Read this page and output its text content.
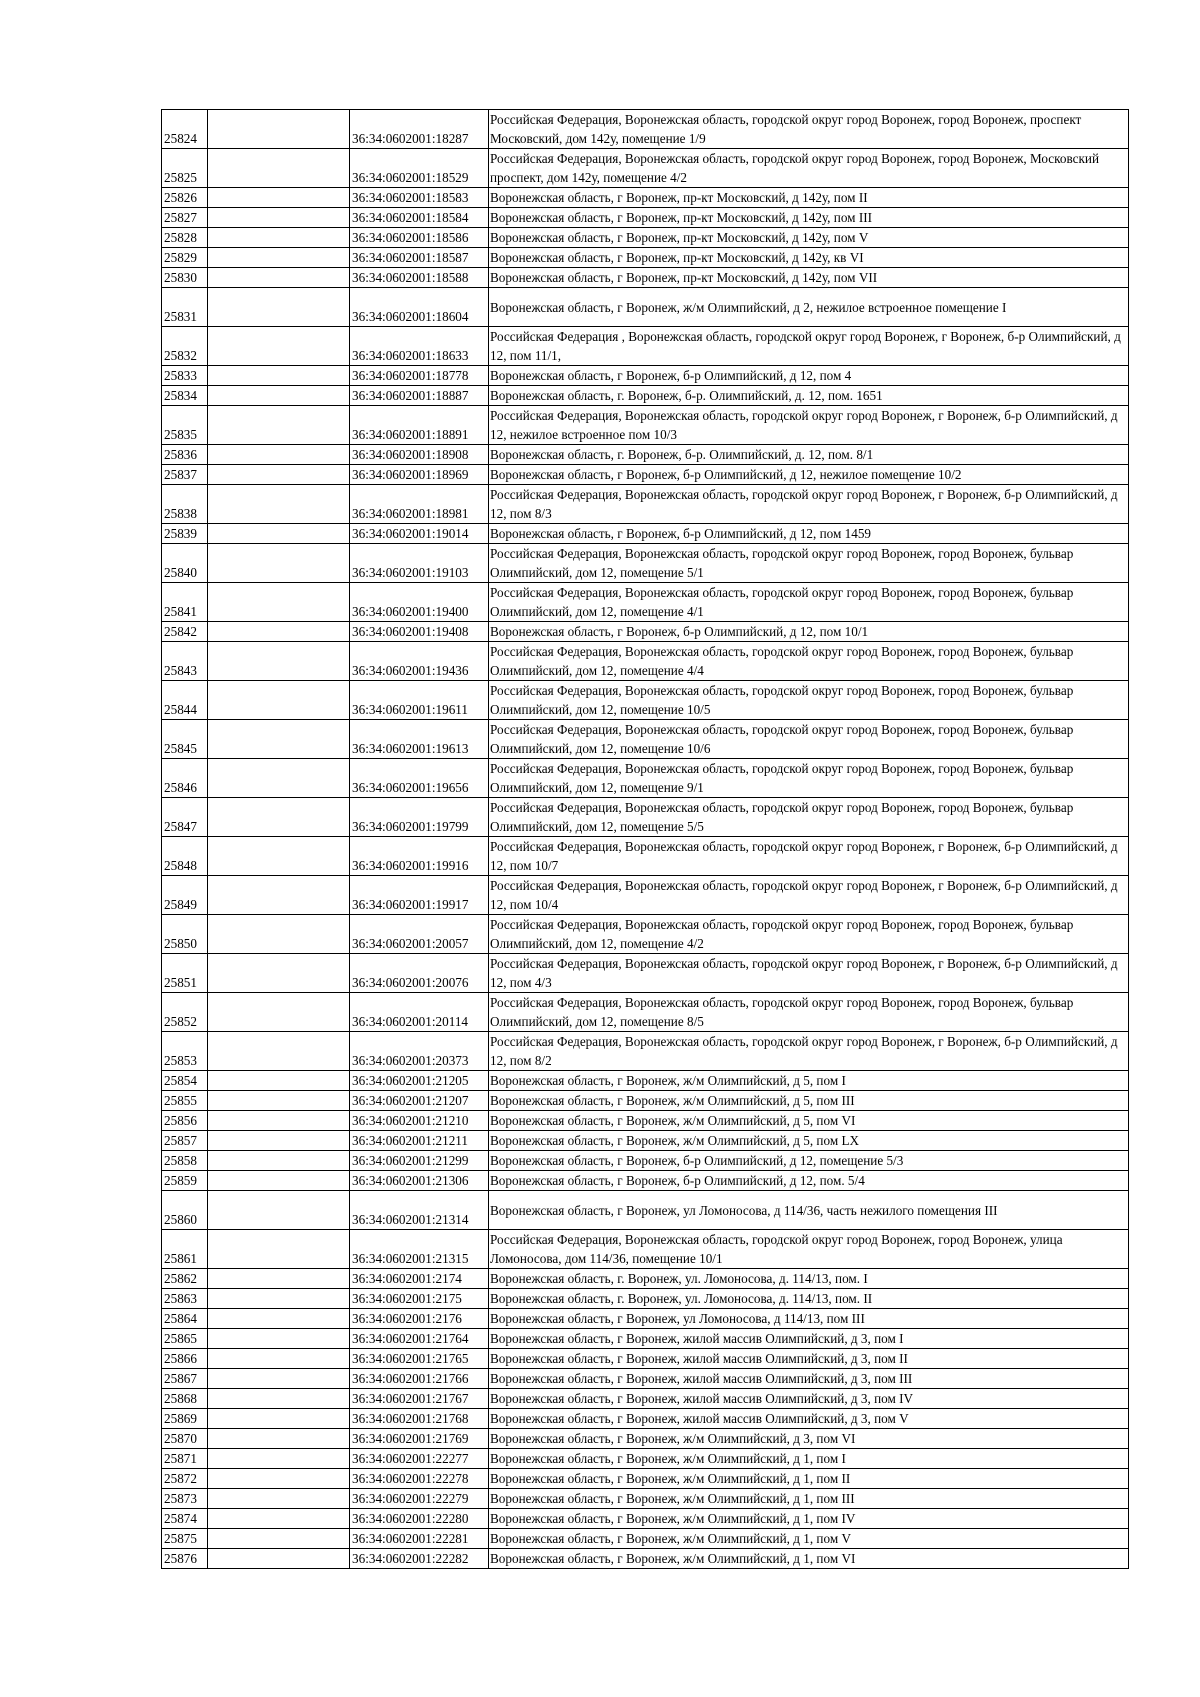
25824		36:34:0602001:18287	Российская Федерация, Воронежская область, городской округ город Воронеж, город Воронеж, проспект Московский, дом 142у, помещение 1/9
25825		36:34:0602001:18529	Российская Федерация, Воронежская область, городской округ город Воронеж, город Воронеж, Московский проспект, дом 142у, помещение 4/2
25826		36:34:0602001:18583	Воронежская область, г Воронеж, пр-кт Московский, д 142у, пом II
25827		36:34:0602001:18584	Воронежская область, г Воронеж, пр-кт Московский, д 142у, пом III
25828		36:34:0602001:18586	Воронежская область, г Воронеж, пр-кт Московский, д 142у, пом V
25829		36:34:0602001:18587	Воронежская область, г Воронеж, пр-кт Московский, д 142у, кв VI
25830		36:34:0602001:18588	Воронежская область, г Воронеж, пр-кт Московский, д 142у, пом VII
25831		36:34:0602001:18604	Воронежская область, г Воронеж, ж/м Олимпийский, д 2, нежилое встроенное помещение I
25832		36:34:0602001:18633	Российская Федерация , Воронежская область, городской округ город Воронеж, г Воронеж, б-р Олимпийский, д 12, пом 11/1,
25833		36:34:0602001:18778	Воронежская область, г Воронеж, б-р Олимпийский, д 12, пом 4
25834		36:34:0602001:18887	Воронежская область, г. Воронеж, б-р. Олимпийский, д. 12, пом. 1651
25835		36:34:0602001:18891	Российская Федерация, Воронежская область, городской округ город Воронеж, г Воронеж, б-р Олимпийский, д 12, нежилое встроенное пом 10/3
25836		36:34:0602001:18908	Воронежская область, г. Воронеж, б-р. Олимпийский, д. 12, пом. 8/1
25837		36:34:0602001:18969	Воронежская область, г Воронеж, б-р Олимпийский, д 12, нежилое помещение 10/2
25838		36:34:0602001:18981	Российская Федерация, Воронежская область, городской округ город Воронеж, г Воронеж, б-р Олимпийский, д 12, пом 8/3
25839		36:34:0602001:19014	Воронежская область, г Воронеж, б-р Олимпийский, д 12, пом 1459
25840		36:34:0602001:19103	Российская Федерация, Воронежская область, городской округ город Воронеж, город Воронеж, бульвар Олимпийский, дом 12, помещение 5/1
25841		36:34:0602001:19400	Российская Федерация, Воронежская область, городской округ город Воронеж, город Воронеж, бульвар Олимпийский, дом 12, помещение 4/1
25842		36:34:0602001:19408	Воронежская область, г Воронеж, б-р Олимпийский, д 12, пом 10/1
25843		36:34:0602001:19436	Российская Федерация, Воронежская область, городской округ город Воронеж, город Воронеж, бульвар Олимпийский, дом 12, помещение 4/4
25844		36:34:0602001:19611	Российская Федерация, Воронежская область, городской округ город Воронеж, город Воронеж, бульвар Олимпийский, дом 12, помещение 10/5
25845		36:34:0602001:19613	Российская Федерация, Воронежская область, городской округ город Воронеж, город Воронеж, бульвар Олимпийский, дом 12, помещение 10/6
25846		36:34:0602001:19656	Российская Федерация, Воронежская область, городской округ город Воронеж, город Воронеж, бульвар Олимпийский, дом 12, помещение 9/1
25847		36:34:0602001:19799	Российская Федерация, Воронежская область, городской округ город Воронеж, город Воронеж, бульвар Олимпийский, дом 12, помещение 5/5
25848		36:34:0602001:19916	Российская Федерация, Воронежская область, городской округ город Воронеж, г Воронеж, б-р Олимпийский, д 12, пом 10/7
25849		36:34:0602001:19917	Российская Федерация, Воронежская область, городской округ город Воронеж, г Воронеж, б-р Олимпийский, д 12, пом 10/4
25850		36:34:0602001:20057	Российская Федерация, Воронежская область, городской округ город Воронеж, город Воронеж, бульвар Олимпийский, дом 12, помещение 4/2
25851		36:34:0602001:20076	Российская Федерация, Воронежская область, городской округ город Воронеж, г Воронеж, б-р Олимпийский, д 12, пом 4/3
25852		36:34:0602001:20114	Российская Федерация, Воронежская область, городской округ город Воронеж, город Воронеж, бульвар Олимпийский, дом 12, помещение 8/5
25853		36:34:0602001:20373	Российская Федерация, Воронежская область, городской округ город Воронеж, г Воронеж, б-р Олимпийский, д 12, пом 8/2
25854		36:34:0602001:21205	Воронежская область, г Воронеж, ж/м Олимпийский, д 5, пом I
25855		36:34:0602001:21207	Воронежская область, г Воронеж, ж/м Олимпийский, д 5, пом III
25856		36:34:0602001:21210	Воронежская область, г Воронеж, ж/м Олимпийский, д 5, пом VI
25857		36:34:0602001:21211	Воронежская область, г Воронеж, ж/м Олимпийский, д 5, пом LX
25858		36:34:0602001:21299	Воронежская область, г Воронеж, б-р Олимпийский, д 12, помещение 5/3
25859		36:34:0602001:21306	Воронежская область, г Воронеж, б-р Олимпийский, д 12, пом. 5/4
25860		36:34:0602001:21314	Воронежская область, г Воронеж, ул Ломоносова, д 114/36, часть нежилого помещения III
25861		36:34:0602001:21315	Российская Федерация, Воронежская область, городской округ город Воронеж, город Воронеж, улица Ломоносова, дом 114/36, помещение 10/1
25862		36:34:0602001:2174	Воронежская область, г. Воронеж, ул. Ломоносова, д. 114/13, пом. I
25863		36:34:0602001:2175	Воронежская область, г. Воронеж, ул. Ломоносова, д. 114/13, пом. II
25864		36:34:0602001:2176	Воронежская область, г Воронеж, ул Ломоносова, д 114/13, пом III
25865		36:34:0602001:21764	Воронежская область, г Воронеж, жилой массив Олимпийский, д 3, пом I
25866		36:34:0602001:21765	Воронежская область, г Воронеж, жилой массив Олимпийский, д 3, пом II
25867		36:34:0602001:21766	Воронежская область, г Воронеж, жилой массив Олимпийский, д 3, пом III
25868		36:34:0602001:21767	Воронежская область, г Воронеж, жилой массив Олимпийский, д 3, пом IV
25869		36:34:0602001:21768	Воронежская область, г Воронеж, жилой массив Олимпийский, д 3, пом V
25870		36:34:0602001:21769	Воронежская область, г Воронеж, ж/м Олимпийский, д 3, пом VI
25871		36:34:0602001:22277	Воронежская область, г Воронеж, ж/м Олимпийский, д 1, пом I
25872		36:34:0602001:22278	Воронежская область, г Воронеж, ж/м Олимпийский, д 1, пом II
25873		36:34:0602001:22279	Воронежская область, г Воронеж, ж/м Олимпийский, д 1, пом III
25874		36:34:0602001:22280	Воронежская область, г Воронеж, ж/м Олимпийский, д 1, пом IV
25875		36:34:0602001:22281	Воронежская область, г Воронеж, ж/м Олимпийский, д 1, пом V
25876		36:34:0602001:22282	Воронежская область, г Воронеж, ж/м Олимпийский, д 1, пом VI
